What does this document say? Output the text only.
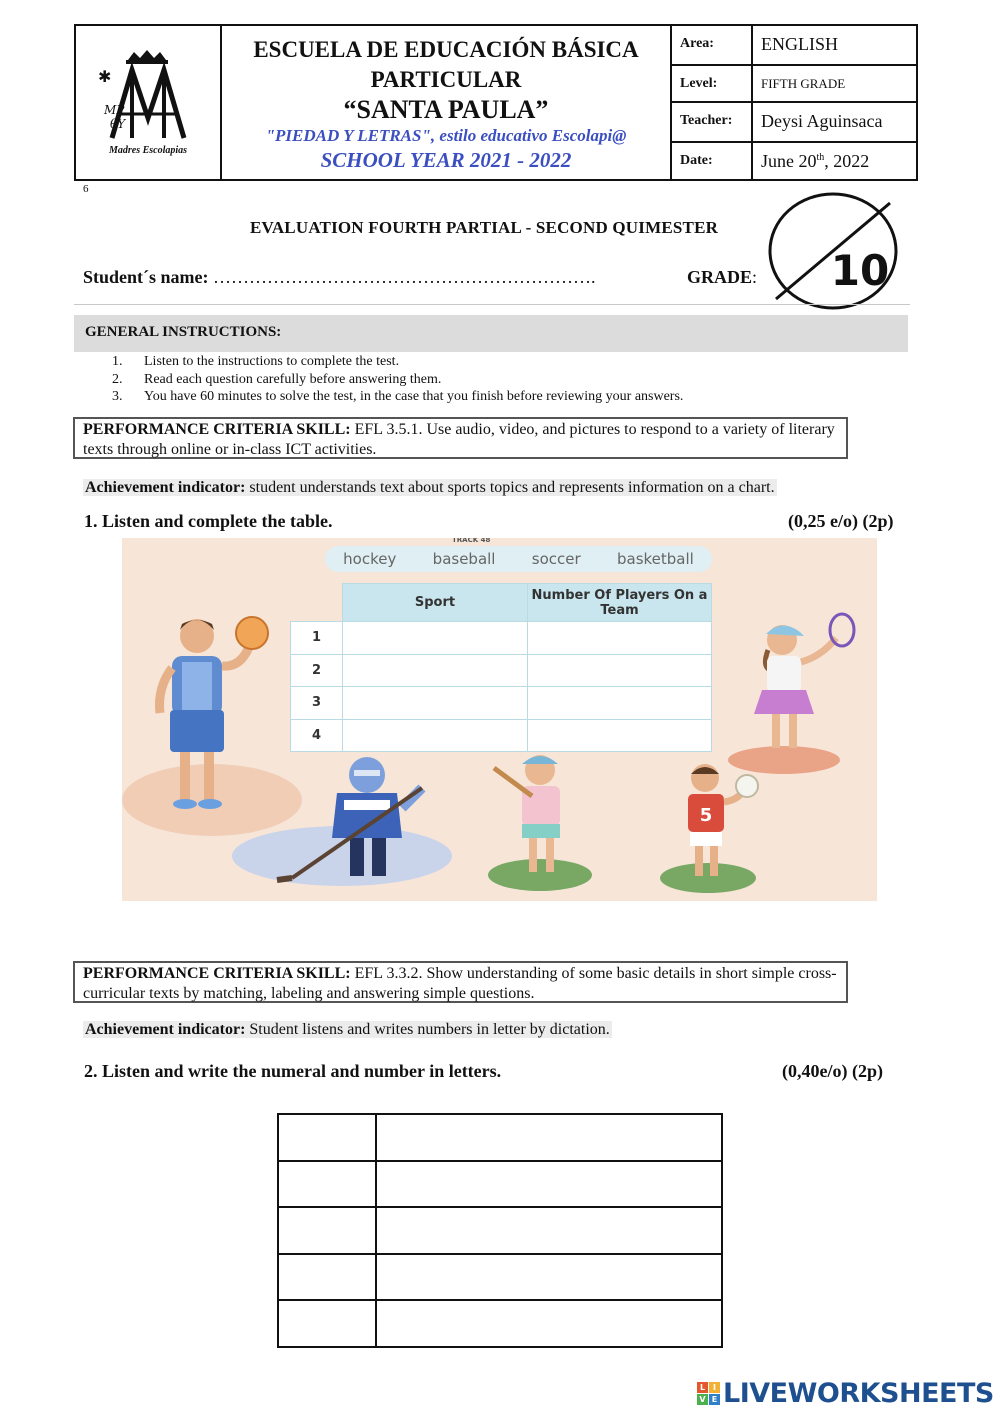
✱
MP
θY
Madres Escolapias
ESCUELA DE EDUCACIÓN BÁSICA
PARTICULAR
“SANTA PAULA”
"PIEDAD Y LETRAS", estilo educativo Escolapi@
SCHOOL YEAR 2021 - 2022
Area:	ENGLISH
Level:	FIFTH GRADE
Teacher:	Deysi Aguinsaca
Date:	June 20th, 2022
6
EVALUATION FOURTH PARTIAL - SECOND QUIMESTER
10
Student´s name: ……………………………………………………….	GRADE:
GENERAL INSTRUCTIONS:
1.	Listen to the instructions to complete the test.
2.	Read each question carefully before answering them.
3.	You have 60 minutes to solve the test, in the case that you finish before reviewing your answers.
PERFORMANCE CRITERIA SKILL: EFL 3.5.1. Use audio, video, and pictures to respond to a variety of literary texts through online or in-class ICT activities.
Achievement indicator: student understands text about sports topics and represents information on a chart.
1. Listen and complete the table.	(0,25 e/o) (2p)
TRACK 48
hockey baseball soccer basketball
5
	Sport	Number Of Players On a Team
1		
2		
3		
4		
PERFORMANCE CRITERIA SKILL: EFL 3.3.2. Show understanding of some basic details in short simple cross-curricular texts by matching, labeling and answering simple questions.
Achievement indicator: Student listens and writes numbers in letter by dictation.
2. Listen and write the numeral and number in letters.	(0,40e/o) (2p)

L I
V E LIVEWORKSHEETS
